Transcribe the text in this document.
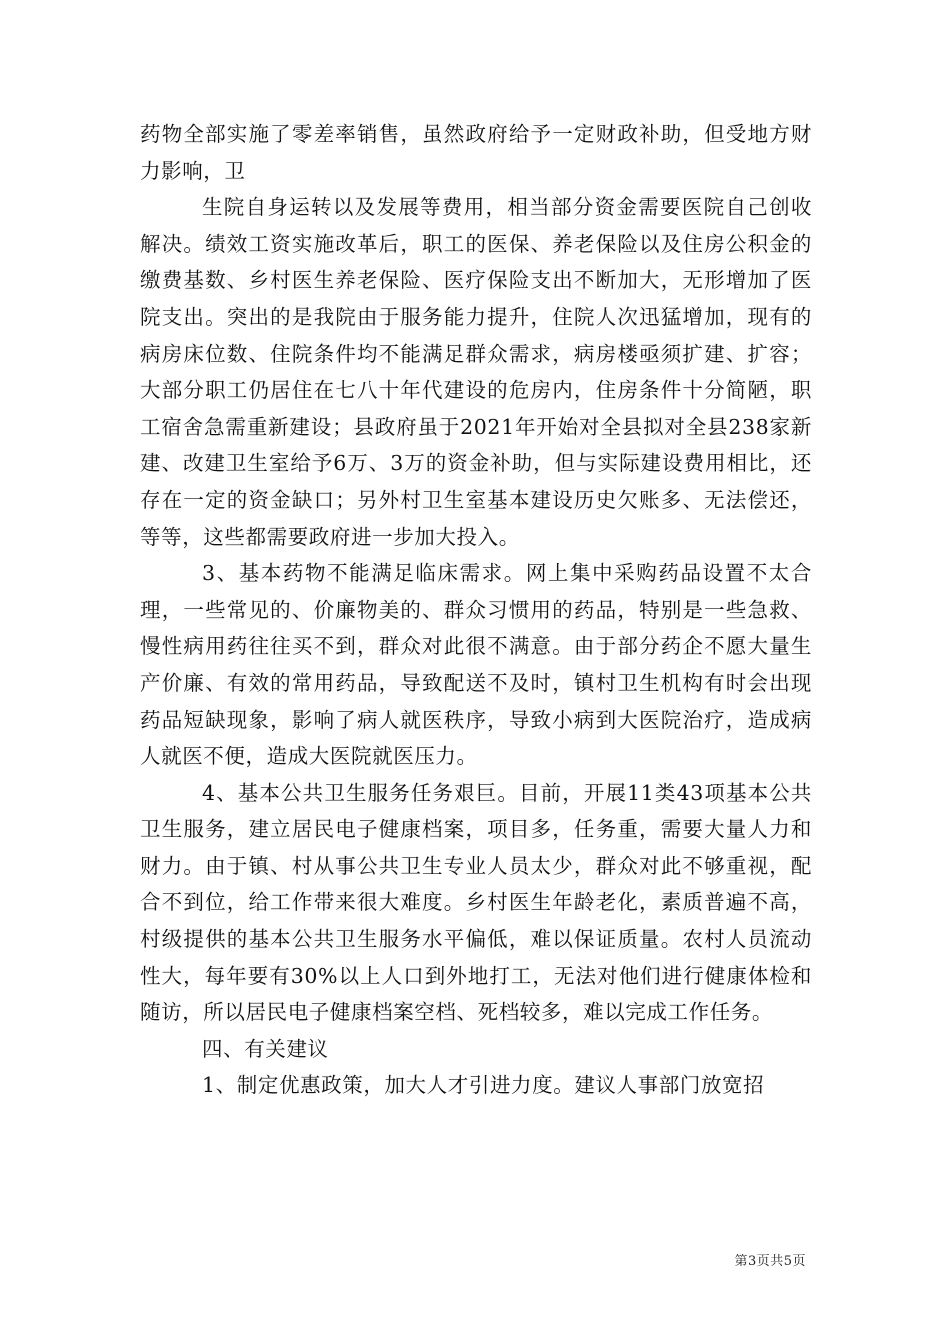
药物全部实施了零差率销售，虽然政府给予一定财政补助，但受地方财力影响，卫

生院自身运转以及发展等费用，相当部分资金需要医院自己创收解决。绩效工资实施改革后，职工的医保、养老保险以及住房公积金的缴费基数、乡村医生养老保险、医疗保险支出不断加大，无形增加了医院支出。突出的是我院由于服务能力提升，住院人次迅猛增加，现有的病房床位数、住院条件均不能满足群众需求，病房楼亟须扩建、扩容；大部分职工仍居住在七八十年代建设的危房内，住房条件十分简陋，职工宿舍急需重新建设；县政府虽于2021年开始对全县拟对全县238家新建、改建卫生室给予6万、3万的资金补助，但与实际建设费用相比，还存在一定的资金缺口；另外村卫生室基本建设历史欠账多、无法偿还，等等，这些都需要政府进一步加大投入。

3、基本药物不能满足临床需求。网上集中采购药品设置不太合理，一些常见的、价廉物美的、群众习惯用的药品，特别是一些急救、慢性病用药往往买不到，群众对此很不满意。由于部分药企不愿大量生产价廉、有效的常用药品，导致配送不及时，镇村卫生机构有时会出现药品短缺现象，影响了病人就医秩序，导致小病到大医院治疗，造成病人就医不便，造成大医院就医压力。

4、基本公共卫生服务任务艰巨。目前，开展11类43项基本公共卫生服务，建立居民电子健康档案，项目多，任务重，需要大量人力和财力。由于镇、村从事公共卫生专业人员太少，群众对此不够重视，配合不到位，给工作带来很大难度。乡村医生年龄老化，素质普遍不高，村级提供的基本公共卫生服务水平偏低，难以保证质量。农村人员流动性大，每年要有30%以上人口到外地打工，无法对他们进行健康体检和随访，所以居民电子健康档案空档、死档较多，难以完成工作任务。

四、有关建议

1、制定优惠政策，加大人才引进力度。建议人事部门放宽招

第3页共5页
